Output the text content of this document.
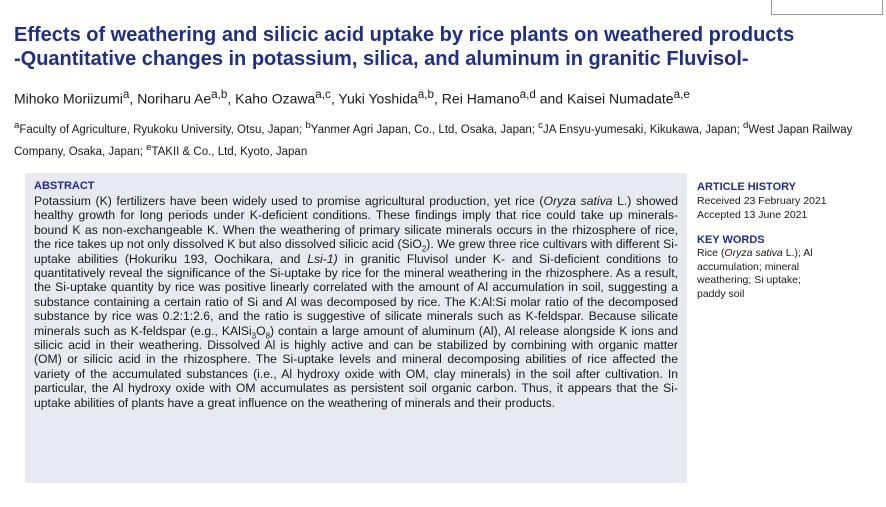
Effects of weathering and silicic acid uptake by rice plants on weathered products
-Quantitative changes in potassium, silica, and aluminum in granitic Fluvisol-
Mihoko Moriizumi$^a$, Noriharu Ae$^{a,b}$, Kaho Ozawa$^{a,c}$, Yuki Yoshida$^{a,b}$, Rei Hamano$^{a,d}$ and Kaisei Numadate$^{a,e}$
$^a$Faculty of Agriculture, Ryukoku University, Otsu, Japan; $^b$Yanmer Agri Japan, Co., Ltd, Osaka, Japan; $^c$JA Ensyu-yumesaki, Kikukawa, Japan; $^d$West Japan Railway Company, Osaka, Japan; $^e$TAKII & Co., Ltd, Kyoto, Japan
ABSTRACT

Potassium (K) fertilizers have been widely used to promise agricultural production, yet rice (Oryza sativa L.) showed healthy growth for long periods under K-deficient conditions. These findings imply that rice could take up minerals-bound K as non-exchangeable K. When the weathering of primary silicate minerals occurs in the rhizosphere of rice, the rice takes up not only dissolved K but also dissolved silicic acid (SiO$_2$). We grew three rice cultivars with different Si-uptake abilities (Hokuriku 193, Oochikara, and Lsi-1) in granitic Fluvisol under K- and Si-deficient conditions to quantitatively reveal the significance of the Si-uptake by rice for the mineral weathering in the rhizosphere. As a result, the Si-uptake quantity by rice was positive linearly correlated with the amount of Al accumulation in soil, suggesting a substance containing a certain ratio of Si and Al was decomposed by rice. The K:Al:Si molar ratio of the decomposed substance by rice was 0.2:1:2.6, and the ratio is suggestive of silicate minerals such as K-feldspar. Because silicate minerals such as K-feldspar (e.g., $KAlSi_3O_8$) contain a large amount of aluminum (Al), Al release alongside K ions and silicic acid in their weathering. Dissolved Al is highly active and can be stabilized by combining with organic matter (OM) or silicic acid in the rhizosphere. The Si-uptake levels and mineral decomposing abilities of rice affected the variety of the accumulated substances (i.e., Al hydroxy oxide with OM, clay minerals) in the soil after cultivation. In particular, the Al hydroxy oxide with OM accumulates as persistent soil organic carbon. Thus, it appears that the Si-uptake abilities of plants have a great influence on the weathering of minerals and their products.

ARTICLE HISTORY
Received 23 February 2021
Accepted 13 June 2021
KEY WORDS
Rice (Oryza sativa L.); Al accumulation; mineral weathering; Si uptake; paddy soil
